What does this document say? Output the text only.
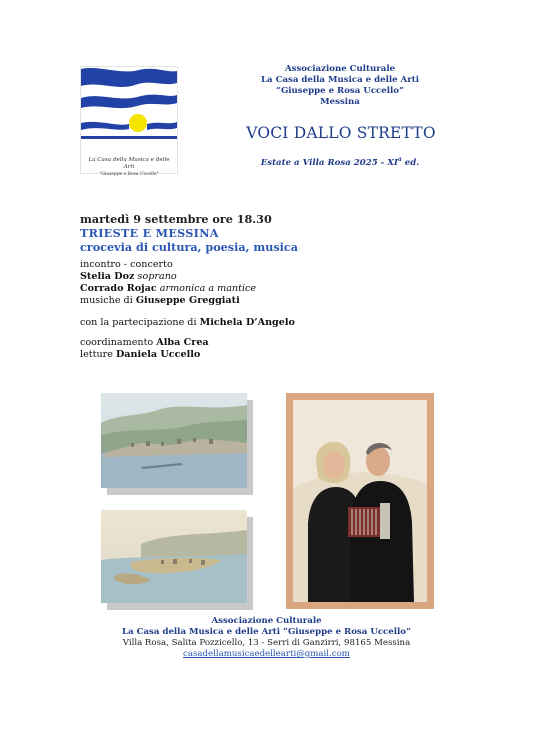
La Casa della Musica e delle Arti
"Giuseppe e Rosa Uccello"
Associazione Culturale
La Casa della Musica e delle Arti
“Giuseppe e Rosa Uccello”
Messina
VOCI DALLO STRETTO
Estate a Villa Rosa $2025 - XI^a$ ed.
martedì 9 settembre ore 18.30
TRIESTE E MESSINA
crocevia di cultura, poesia, musica
incontro - concerto
Stelia Doz soprano
Corrado Rojac armonica a mantice
musiche di Giuseppe Greggiati
con la partecipazione di Michela D’Angelo
coordinamento Alba Crea
letture Daniela Uccello
Associazione Culturale
La Casa della Musica e delle Arti “Giuseppe e Rosa Uccello”
Villa Rosa, Salita Pozzicello, 13 - Serri di Ganzirri, 98165 Messina
casadellamusicaedellearti@gmail.com
